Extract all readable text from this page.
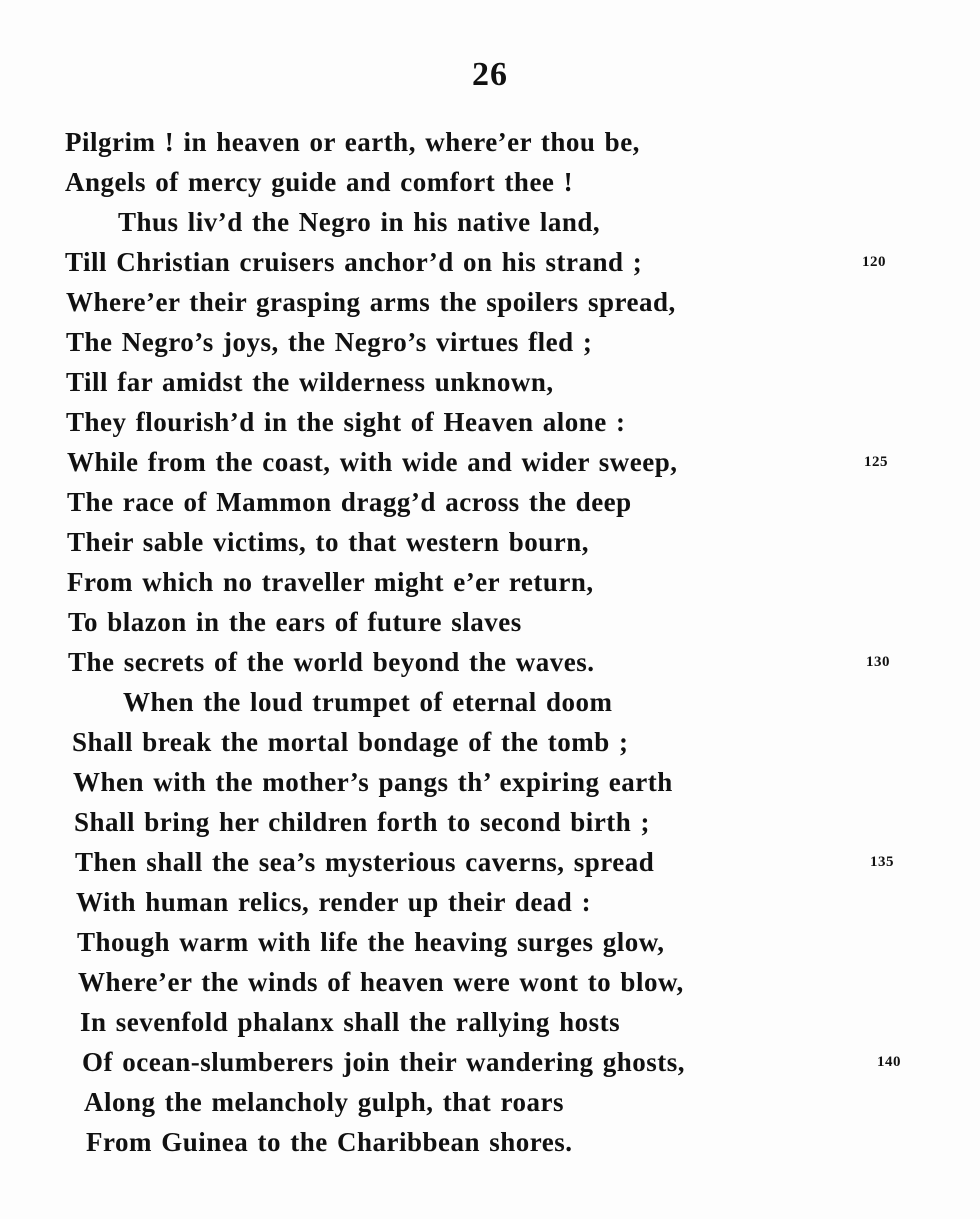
26
Pilgrim ! in heaven or earth, where’er thou be,
Angels of mercy guide and comfort thee !
Thus liv’d the Negro in his native land,
Till Christian cruisers anchor’d on his strand ;	120
Where’er their grasping arms the spoilers spread,
The Negro’s joys, the Negro’s virtues fled ;
Till far amidst the wilderness unknown,
They flourish’d in the sight of Heaven alone :
While from the coast, with wide and wider sweep,	125
The race of Mammon dragg’d across the deep
Their sable victims, to that western bourn,
From which no traveller might e’er return,
To blazon in the ears of future slaves
The secrets of the world beyond the waves.	130
When the loud trumpet of eternal doom
Shall break the mortal bondage of the tomb ;
When with the mother’s pangs th’ expiring earth
Shall bring her children forth to second birth ;
Then shall the sea’s mysterious caverns, spread	135
With human relics, render up their dead :
Though warm with life the heaving surges glow,
Where’er the winds of heaven were wont to blow,
In sevenfold phalanx shall the rallying hosts
Of ocean-slumberers join their wandering ghosts,	140
Along the melancholy gulph, that roars
From Guinea to the Charibbean shores.
